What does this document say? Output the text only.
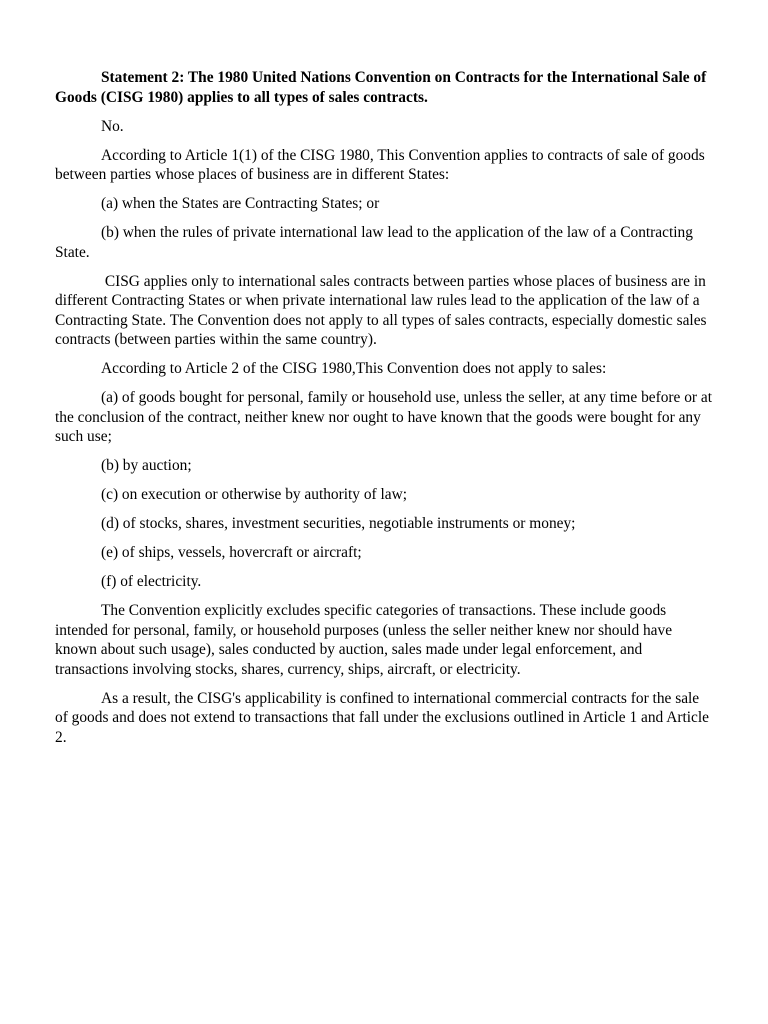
Statement 2: The 1980 United Nations Convention on Contracts for the International Sale of Goods (CISG 1980) applies to all types of sales contracts.

No.

According to Article 1(1) of the CISG 1980, This Convention applies to contracts of sale of goods between parties whose places of business are in different States:

(a) when the States are Contracting States; or

(b) when the rules of private international law lead to the application of the law of a Contracting State.

CISG applies only to international sales contracts between parties whose places of business are in different Contracting States or when private international law rules lead to the application of the law of a Contracting State. The Convention does not apply to all types of sales contracts, especially domestic sales contracts (between parties within the same country).

According to Article 2 of the CISG 1980,This Convention does not apply to sales:

(a) of goods bought for personal, family or household use, unless the seller, at any time before or at the conclusion of the contract, neither knew nor ought to have known that the goods were bought for any such use;

(b) by auction;

(c) on execution or otherwise by authority of law;

(d) of stocks, shares, investment securities, negotiable instruments or money;

(e) of ships, vessels, hovercraft or aircraft;

(f) of electricity.

The Convention explicitly excludes specific categories of transactions. These include goods intended for personal, family, or household purposes (unless the seller neither knew nor should have known about such usage), sales conducted by auction, sales made under legal enforcement, and transactions involving stocks, shares, currency, ships, aircraft, or electricity.

As a result, the CISG's applicability is confined to international commercial contracts for the sale of goods and does not extend to transactions that fall under the exclusions outlined in Article 1 and Article 2.
